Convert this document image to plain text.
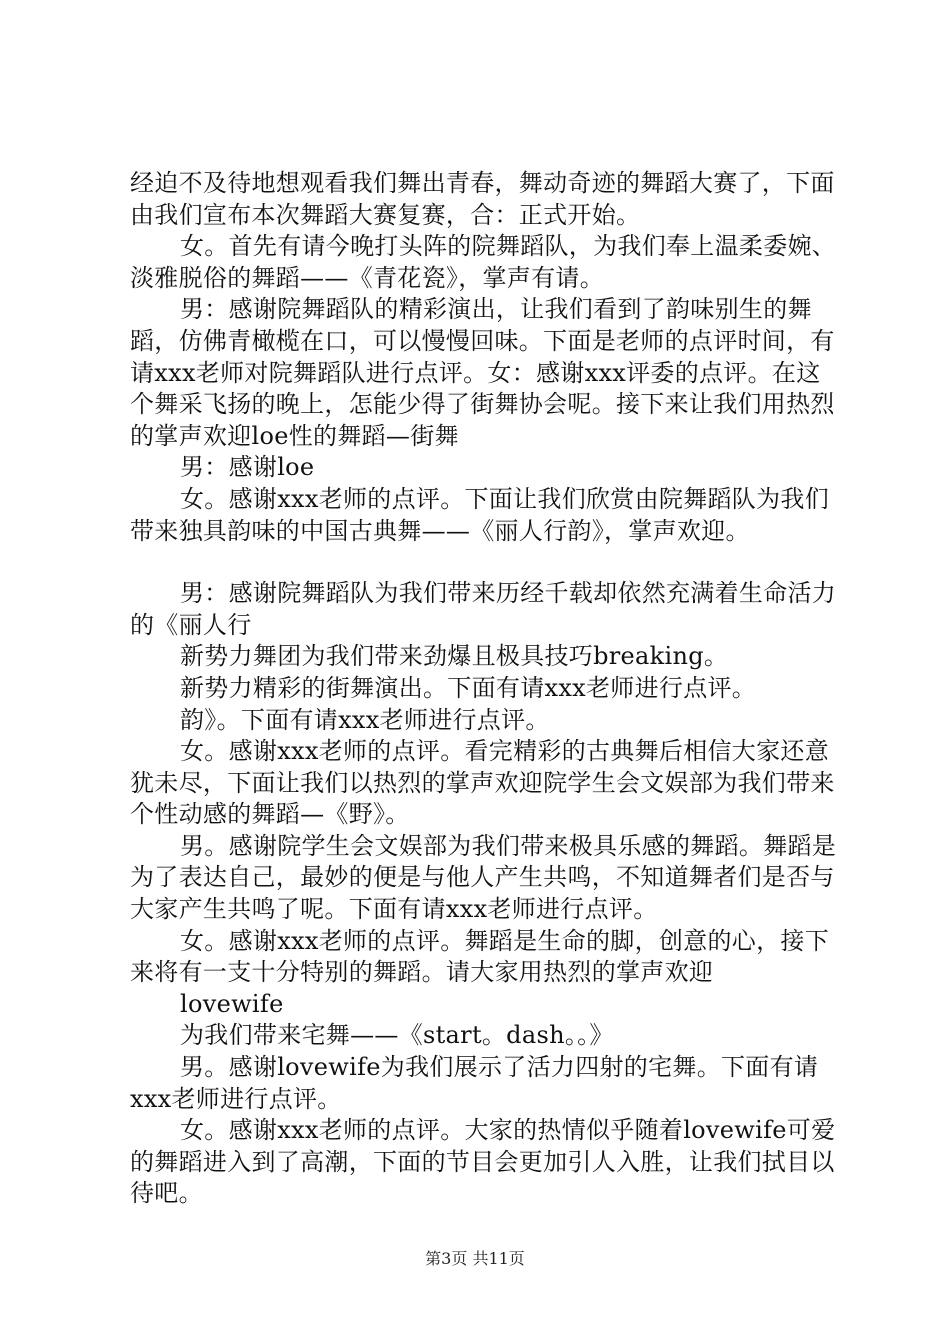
经迫不及待地想观看我们舞出青春，舞动奇迹的舞蹈大赛了，下面由我们宣布本次舞蹈大赛复赛，合：正式开始。

女。首先有请今晚打头阵的院舞蹈队，为我们奉上温柔委婉、淡雅脱俗的舞蹈——《青花瓷》，掌声有请。

男：感谢院舞蹈队的精彩演出，让我们看到了韵味别生的舞蹈，仿佛青橄榄在口，可以慢慢回味。下面是老师的点评时间，有请xxx老师对院舞蹈队进行点评。女：感谢xxx评委的点评。在这个舞采飞扬的晚上，怎能少得了街舞协会呢。接下来让我们用热烈的掌声欢迎loe性的舞蹈—街舞

男：感谢loe

女。感谢xxx老师的点评。下面让我们欣赏由院舞蹈队为我们带来独具韵味的中国古典舞——《丽人行韵》，掌声欢迎。

男：感谢院舞蹈队为我们带来历经千载却依然充满着生命活力的《丽人行

新势力舞团为我们带来劲爆且极具技巧breaking。

新势力精彩的街舞演出。下面有请xxx老师进行点评。

韵》。下面有请xxx老师进行点评。

女。感谢xxx老师的点评。看完精彩的古典舞后相信大家还意犹未尽，下面让我们以热烈的掌声欢迎院学生会文娱部为我们带来个性动感的舞蹈—《野》。

男。感谢院学生会文娱部为我们带来极具乐感的舞蹈。舞蹈是为了表达自己，最妙的便是与他人产生共鸣，不知道舞者们是否与大家产生共鸣了呢。下面有请xxx老师进行点评。

女。感谢xxx老师的点评。舞蹈是生命的脚，创意的心，接下来将有一支十分特别的舞蹈。请大家用热烈的掌声欢迎

lovewife

为我们带来宅舞——《start。dash。。》

男。感谢lovewife为我们展示了活力四射的宅舞。下面有请xxx老师进行点评。

女。感谢xxx老师的点评。大家的热情似乎随着lovewife可爱的舞蹈进入到了高潮，下面的节目会更加引人入胜，让我们拭目以待吧。

第3页 共11页
